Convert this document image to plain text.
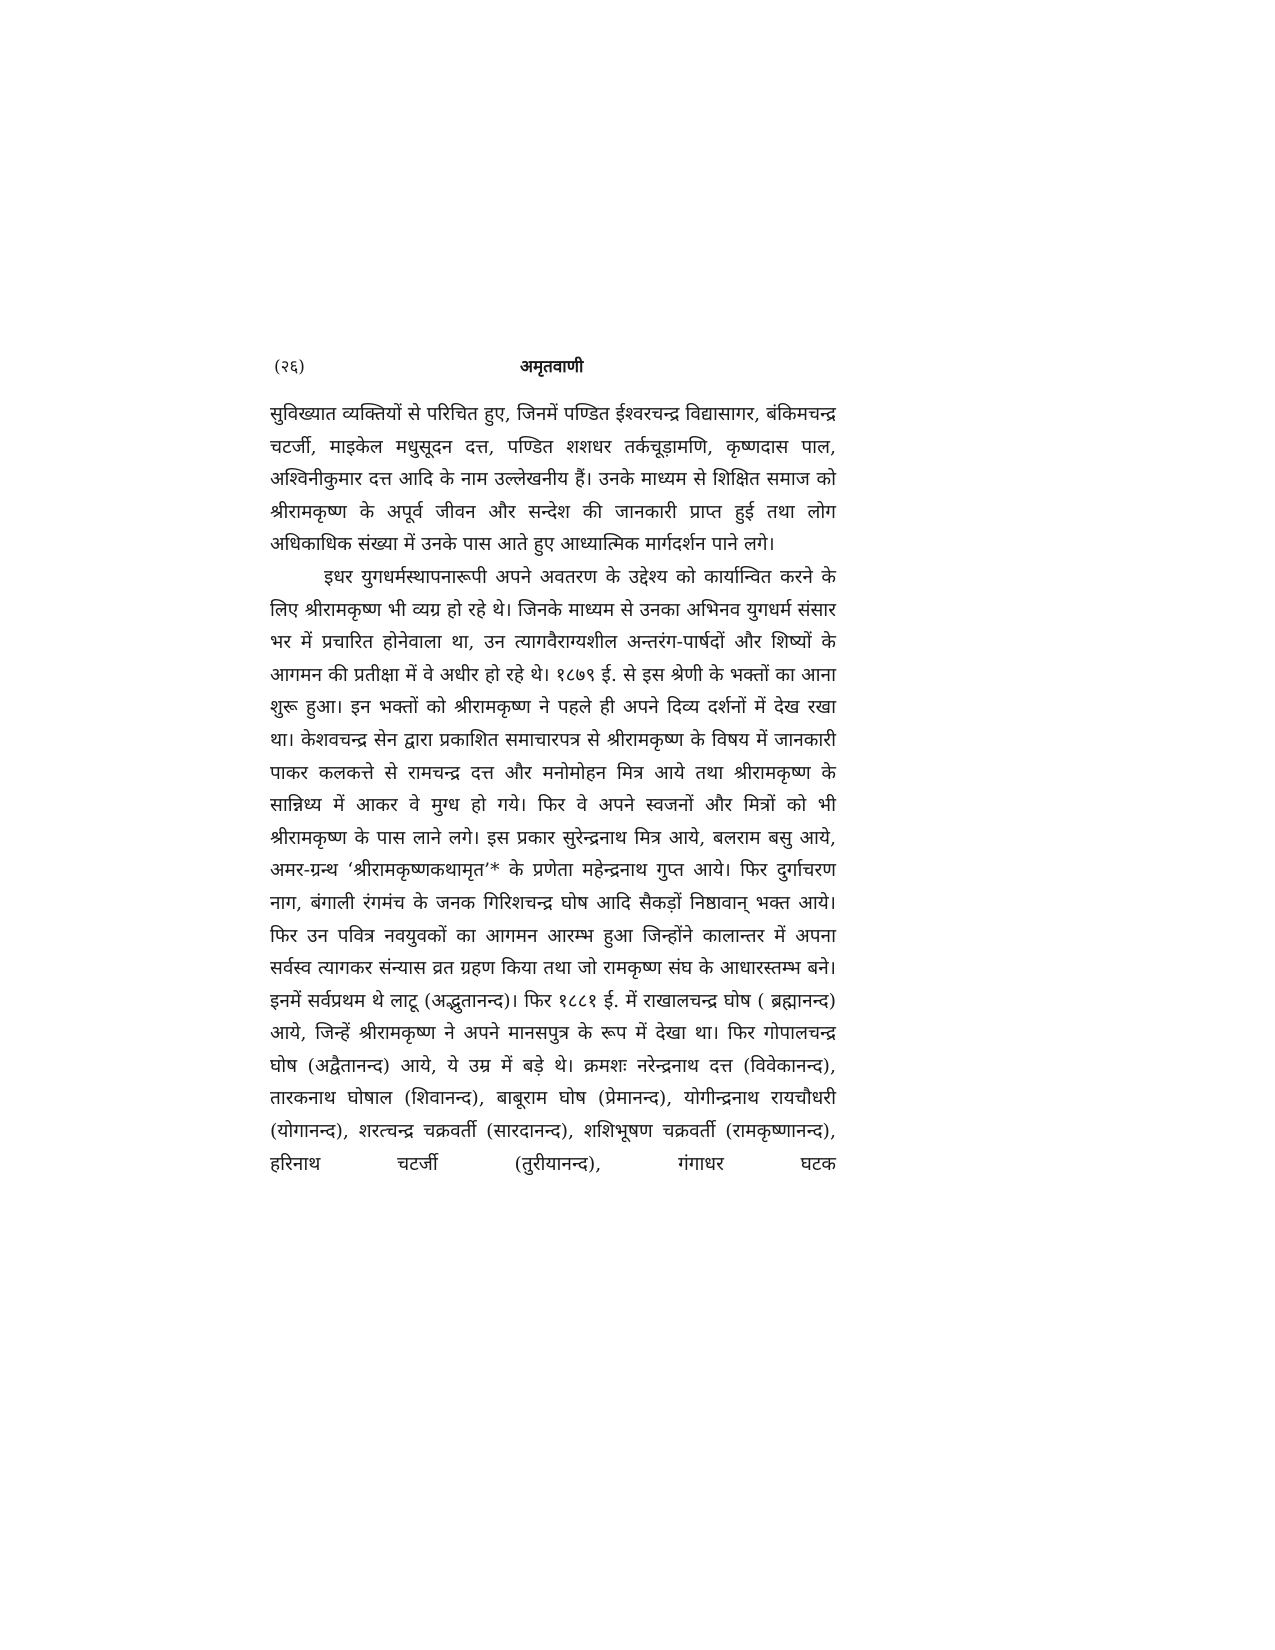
(२६)	अमृतवाणी

सुविख्यात व्यक्तियों से परिचित हुए, जिनमें पण्डित ईश्वरचन्द्र विद्यासागर, बंकिमचन्द्र चटर्जी, माइकेल मधुसूदन दत्त, पण्डित शशधर तर्कचूड़ामणि, कृष्णदास पाल, अश्विनीकुमार दत्त आदि के नाम उल्लेखनीय हैं। उनके माध्यम से शिक्षित समाज को श्रीरामकृष्ण के अपूर्व जीवन और सन्देश की जानकारी प्राप्त हुई तथा लोग अधिकाधिक संख्या में उनके पास आते हुए आध्यात्मिक मार्गदर्शन पाने लगे।

इधर युगधर्मस्थापनारूपी अपने अवतरण के उद्देश्य को कार्यान्वित करने के लिए श्रीरामकृष्ण भी व्यग्र हो रहे थे। जिनके माध्यम से उनका अभिनव युगधर्म संसार भर में प्रचारित होनेवाला था, उन त्यागवैराग्यशील अन्तरंग-पार्षदों और शिष्यों के आगमन की प्रतीक्षा में वे अधीर हो रहे थे। १८७९ ई. से इस श्रेणी के भक्तों का आना शुरू हुआ। इन भक्तों को श्रीरामकृष्ण ने पहले ही अपने दिव्य दर्शनों में देख रखा था। केशवचन्द्र सेन द्वारा प्रकाशित समाचारपत्र से श्रीरामकृष्ण के विषय में जानकारी पाकर कलकत्ते से रामचन्द्र दत्त और मनोमोहन मित्र आये तथा श्रीरामकृष्ण के सान्निध्य में आकर वे मुग्ध हो गये। फिर वे अपने स्वजनों और मित्रों को भी श्रीरामकृष्ण के पास लाने लगे। इस प्रकार सुरेन्द्रनाथ मित्र आये, बलराम बसु आये, अमर-ग्रन्थ ‘श्रीरामकृष्णकथामृत’* के प्रणेता महेन्द्रनाथ गुप्त आये। फिर दुर्गाचरण नाग, बंगाली रंगमंच के जनक गिरिशचन्द्र घोष आदि सैकड़ों निष्ठावान् भक्त आये। फिर उन पवित्र नवयुवकों का आगमन आरम्भ हुआ जिन्होंने कालान्तर में अपना सर्वस्व त्यागकर संन्यास व्रत ग्रहण किया तथा जो रामकृष्ण संघ के आधारस्तम्भ बने। इनमें सर्वप्रथम थे लाटू (अद्भुतानन्द)। फिर १८८१ ई. में राखालचन्द्र घोष ( ब्रह्मानन्द) आये, जिन्हें श्रीरामकृष्ण ने अपने मानसपुत्र के रूप में देखा था। फिर गोपालचन्द्र घोष (अद्वैतानन्द) आये, ये उम्र में बड़े थे। क्रमशः नरेन्द्रनाथ दत्त (विवेकानन्द), तारकनाथ घोषाल (शिवानन्द), बाबूराम घोष (प्रेमानन्द), योगीन्द्रनाथ रायचौधरी (योगानन्द), शरत्चन्द्र चक्रवर्ती (सारदानन्द), शशिभूषण चक्रवर्ती (रामकृष्णानन्द), हरिनाथ चटर्जी (तुरीयानन्द), गंगाधर घटक
